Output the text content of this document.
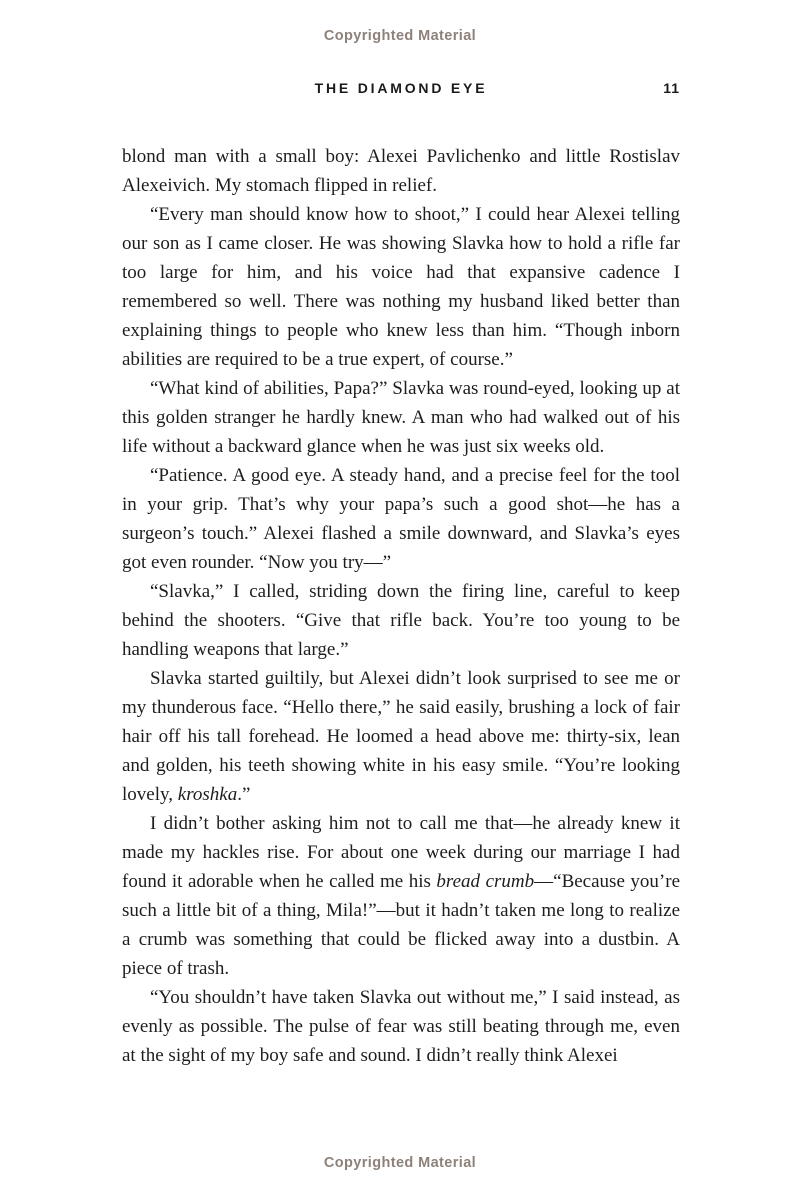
Copyrighted Material
THE DIAMOND EYE	11

blond man with a small boy: Alexei Pavlichenko and little Rostislav Alexeivich. My stomach flipped in relief.

“Every man should know how to shoot,” I could hear Alexei telling our son as I came closer. He was showing Slavka how to hold a rifle far too large for him, and his voice had that expansive cadence I remembered so well. There was nothing my husband liked better than explaining things to people who knew less than him. “Though inborn abilities are required to be a true expert, of course.”

“What kind of abilities, Papa?” Slavka was round-eyed, looking up at this golden stranger he hardly knew. A man who had walked out of his life without a backward glance when he was just six weeks old.

“Patience. A good eye. A steady hand, and a precise feel for the tool in your grip. That’s why your papa’s such a good shot—he has a surgeon’s touch.” Alexei flashed a smile downward, and Slavka’s eyes got even rounder. “Now you try—”

“Slavka,” I called, striding down the firing line, careful to keep behind the shooters. “Give that rifle back. You’re too young to be handling weapons that large.”

Slavka started guiltily, but Alexei didn’t look surprised to see me or my thunderous face. “Hello there,” he said easily, brushing a lock of fair hair off his tall forehead. He loomed a head above me: thirty-six, lean and golden, his teeth showing white in his easy smile. “You’re looking lovely, kroshka.”

I didn’t bother asking him not to call me that—he already knew it made my hackles rise. For about one week during our marriage I had found it adorable when he called me his bread crumb—“Because you’re such a little bit of a thing, Mila!”—but it hadn’t taken me long to realize a crumb was something that could be flicked away into a dustbin. A piece of trash.

“You shouldn’t have taken Slavka out without me,” I said instead, as evenly as possible. The pulse of fear was still beating through me, even at the sight of my boy safe and sound. I didn’t really think Alexei

Copyrighted Material
